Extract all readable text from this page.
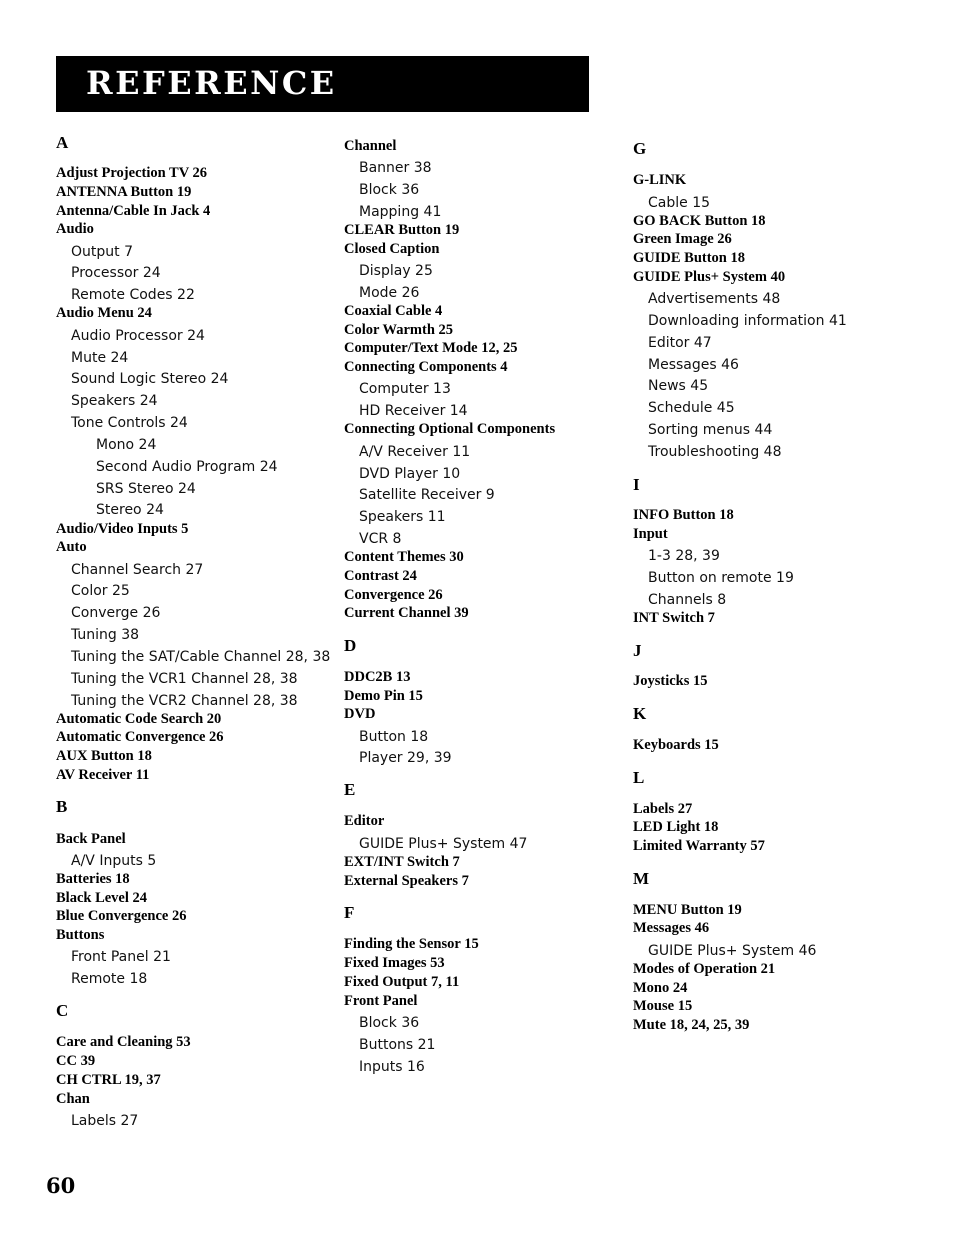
REFERENCE
A
Adjust Projection TV 26
ANTENNA Button 19
Antenna/Cable In Jack 4
Audio
Output 7
Processor 24
Remote Codes 22
Audio Menu 24
Audio Processor 24
Mute 24
Sound Logic Stereo 24
Speakers 24
Tone Controls 24
Mono 24
Second Audio Program 24
SRS Stereo 24
Stereo 24
Audio/Video Inputs 5
Auto
Channel Search 27
Color 25
Converge 26
Tuning 38
Tuning the SAT/Cable Channel 28, 38
Tuning the VCR1 Channel 28, 38
Tuning the VCR2 Channel 28, 38
Automatic Code Search 20
Automatic Convergence 26
AUX Button 18
AV Receiver 11
B
Back Panel
A/V Inputs 5
Batteries 18
Black Level 24
Blue Convergence 26
Buttons
Front Panel 21
Remote 18
C
Care and Cleaning 53
CC 39
CH CTRL 19, 37
Chan
Labels 27
Channel
Banner 38
Block 36
Mapping 41
CLEAR Button 19
Closed Caption
Display 25
Mode 26
Coaxial Cable 4
Color Warmth 25
Computer/Text Mode 12, 25
Connecting Components 4
Computer 13
HD Receiver 14
Connecting Optional Components
A/V Receiver 11
DVD Player 10
Satellite Receiver 9
Speakers 11
VCR 8
Content Themes 30
Contrast 24
Convergence 26
Current Channel 39
D
DDC2B 13
Demo Pin 15
DVD
Button 18
Player 29, 39
E
Editor
GUIDE Plus+ System 47
EXT/INT Switch 7
External Speakers 7
F
Finding the Sensor 15
Fixed Images 53
Fixed Output 7, 11
Front Panel
Block 36
Buttons 21
Inputs 16
G
G-LINK
Cable 15
GO BACK Button 18
Green Image 26
GUIDE Button 18
GUIDE Plus+ System 40
Advertisements 48
Downloading information 41
Editor 47
Messages 46
News 45
Schedule 45
Sorting menus 44
Troubleshooting 48
I
INFO Button 18
Input
1-3 28, 39
Button on remote 19
Channels 8
INT Switch 7
J
Joysticks 15
K
Keyboards 15
L
Labels 27
LED Light 18
Limited Warranty 57
M
MENU Button 19
Messages 46
GUIDE Plus+ System 46
Modes of Operation 21
Mono 24
Mouse 15
Mute 18, 24, 25, 39
60
